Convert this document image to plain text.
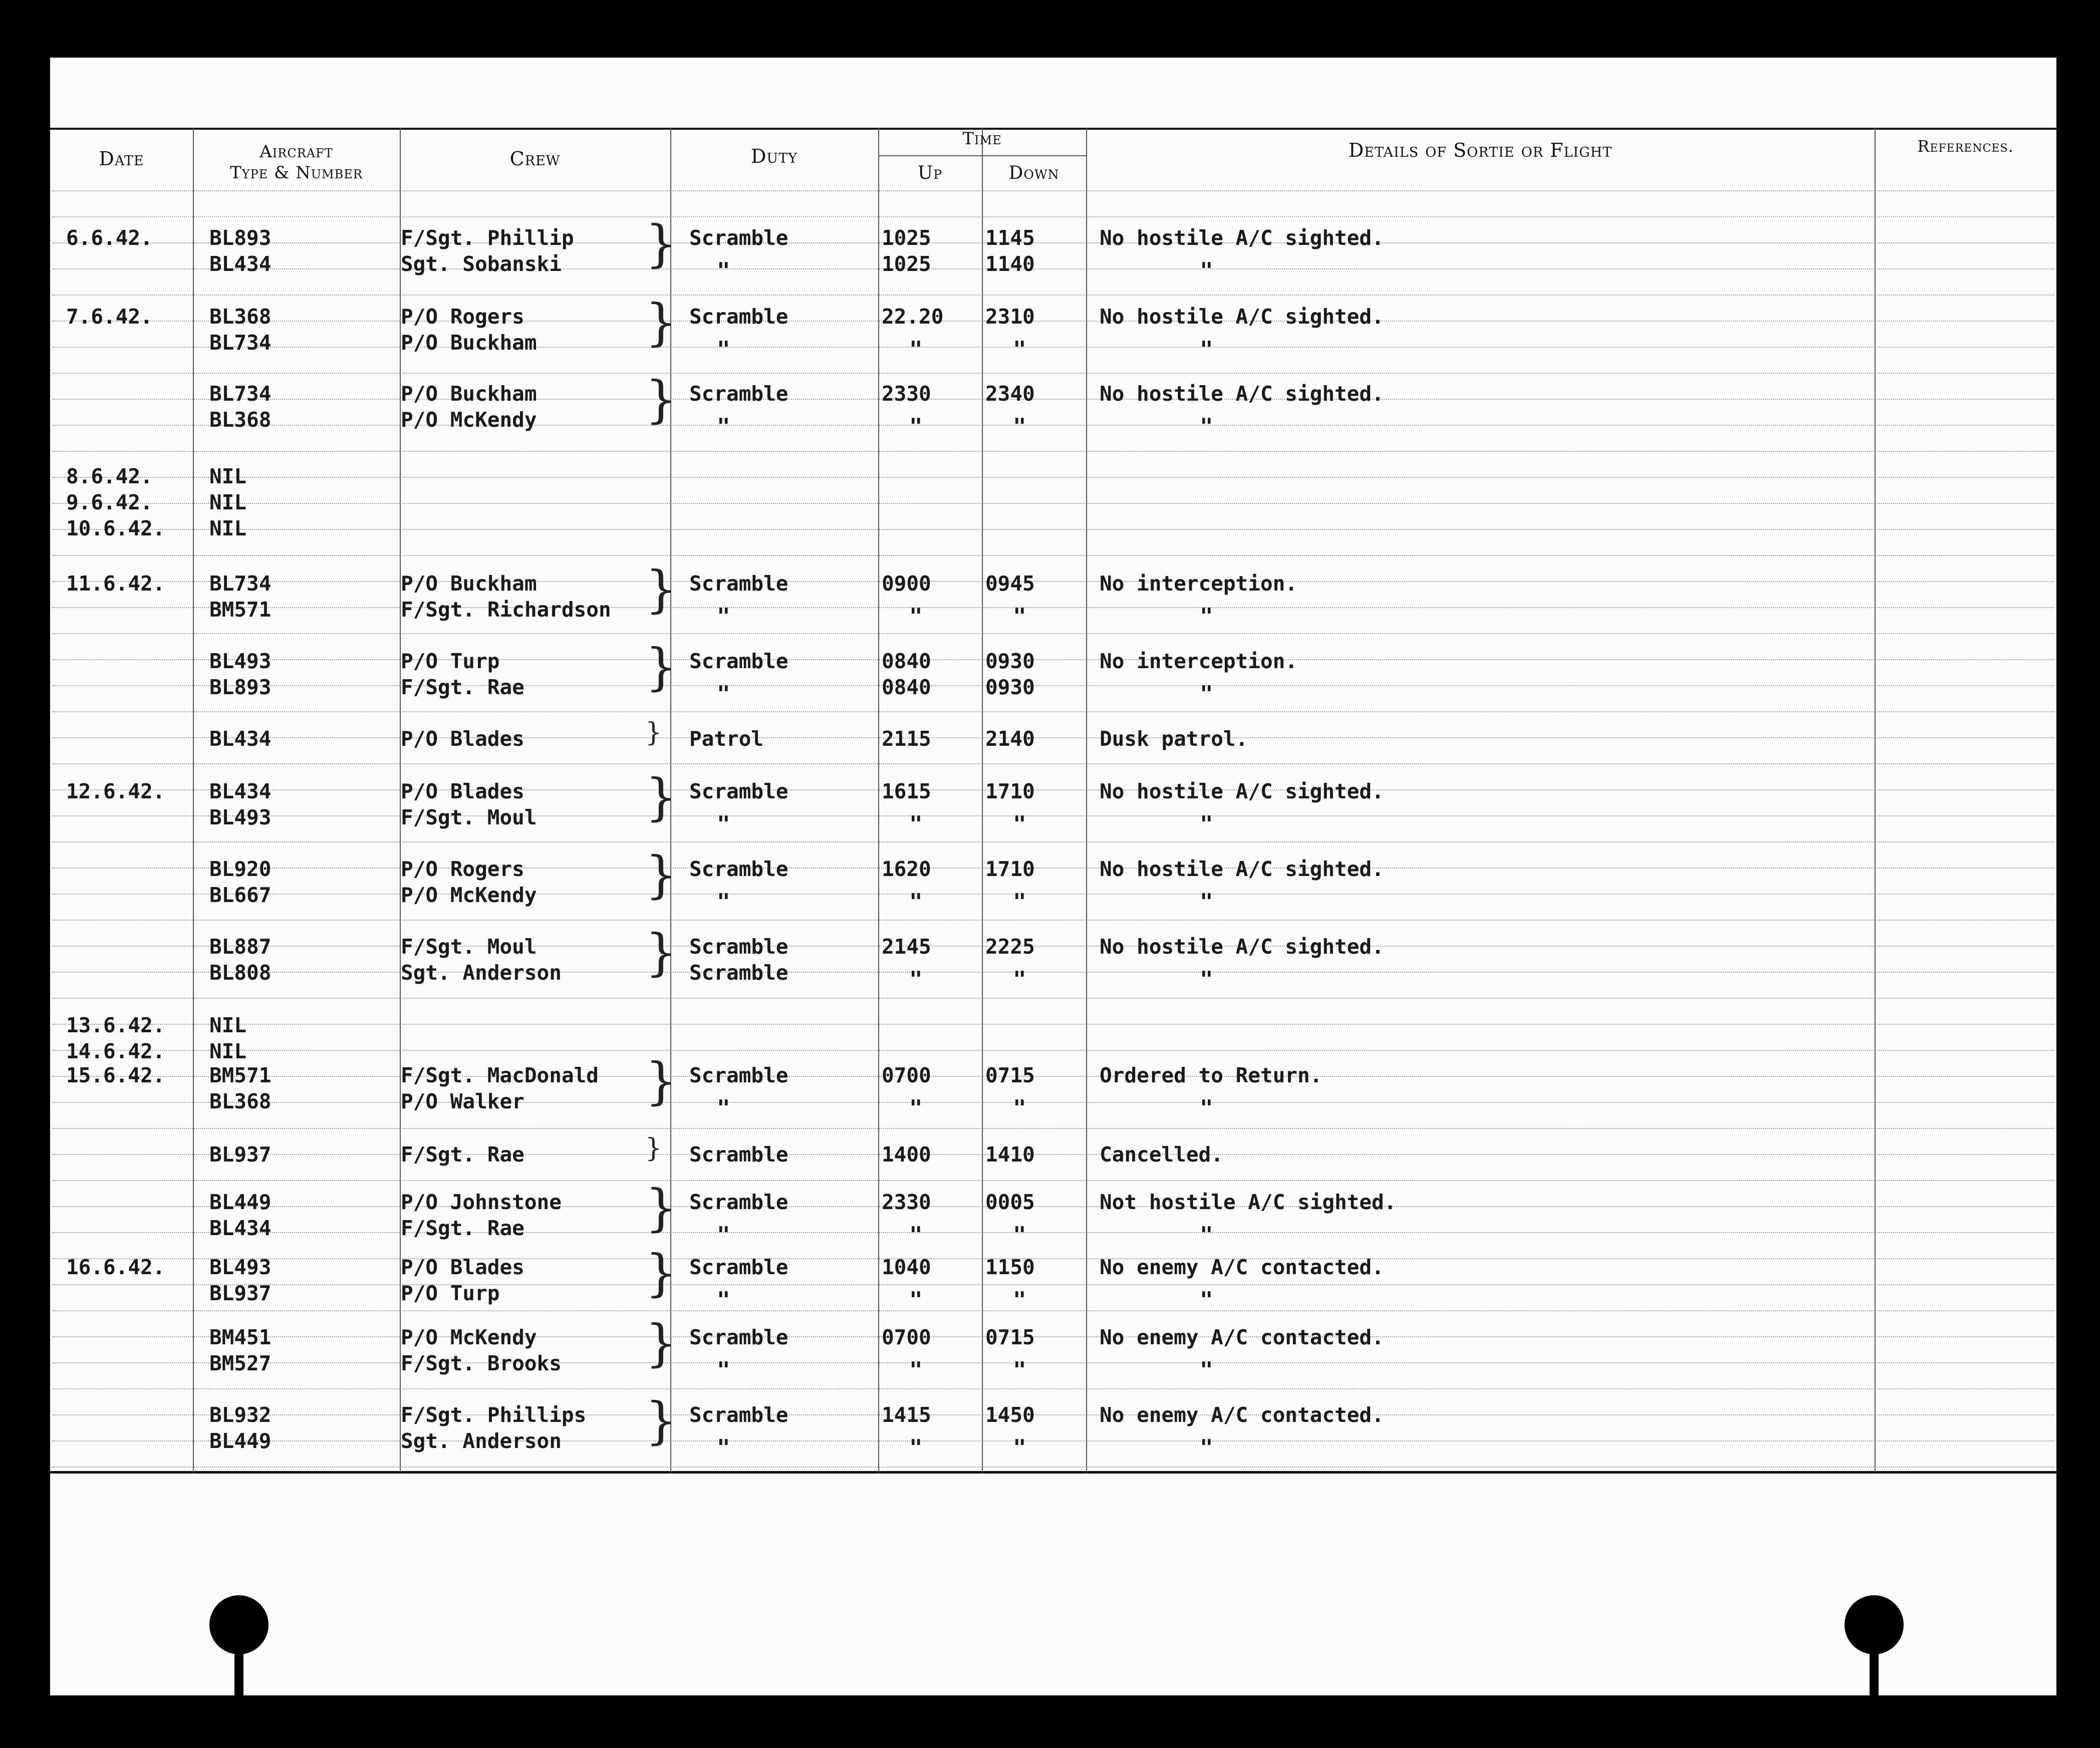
Date	Aircraft
Type & Number
Crew	Duty
Time
Up	Down
Details of Sortie or Flight	References.
6.6.42.	BL893	F/Sgt. Phillip	Scramble	1025	1145	No hostile A/C sighted.
BL434	Sgt. Sobanski	"	1025	1140	"
}
7.6.42.	BL368	P/O Rogers	Scramble	22.20 2310	No hostile A/C sighted.
BL734	P/O Buckham	"	"	"	"
}
BL734	P/O Buckham	Scramble	2330	2340	No hostile A/C sighted.
BL368	P/O McKendy	"	"	"	"
}
8.6.42.	NIL
9.6.42.	NIL
10.6.42. NIL
11.6.42. BL734	P/O Buckham	Scramble	0900	0945	No interception.
BM571	F/Sgt. Richardson	"	"	"	"
}
BL493	P/O Turp	Scramble	0840	0930	No interception.
BL893	F/Sgt. Rae	"	0840	0930	"
}
BL434	P/O Blades	Patrol	2115	2140	Dusk patrol.
}
12.6.42. BL434	P/O Blades	Scramble	1615	1710	No hostile A/C sighted.
BL493	F/Sgt. Moul	"	"	"	"
}
BL920	P/O Rogers	Scramble	1620	1710	No hostile A/C sighted.
BL667	P/O McKendy	"	"	"	"
}
BL887	F/Sgt. Moul	Scramble	2145	2225	No hostile A/C sighted.
BL808	Sgt. Anderson	Scramble	"	"	"
}
13.6.42. NIL
14.6.42. NIL
15.6.42. BM571	F/Sgt. MacDonald	Scramble	0700	0715	Ordered to Return.
BL368	P/O Walker	"	"	"	"
}
BL937	F/Sgt. Rae	Scramble	1400	1410	Cancelled.
}
BL449	P/O Johnstone	Scramble	2330	0005	Not hostile A/C sighted.
BL434	F/Sgt. Rae	"	"	"	"
}
16.6.42. BL493	P/O Blades	Scramble	1040	1150	No enemy A/C contacted.
BL937	P/O Turp	"	"	"	"
}
BM451	P/O McKendy	Scramble	0700	0715	No enemy A/C contacted.
BM527	F/Sgt. Brooks	"	"	"	"
}
BL932	F/Sgt. Phillips	Scramble	1415	1450	No enemy A/C contacted.
BL449	Sgt. Anderson	"	"	"	"
}
